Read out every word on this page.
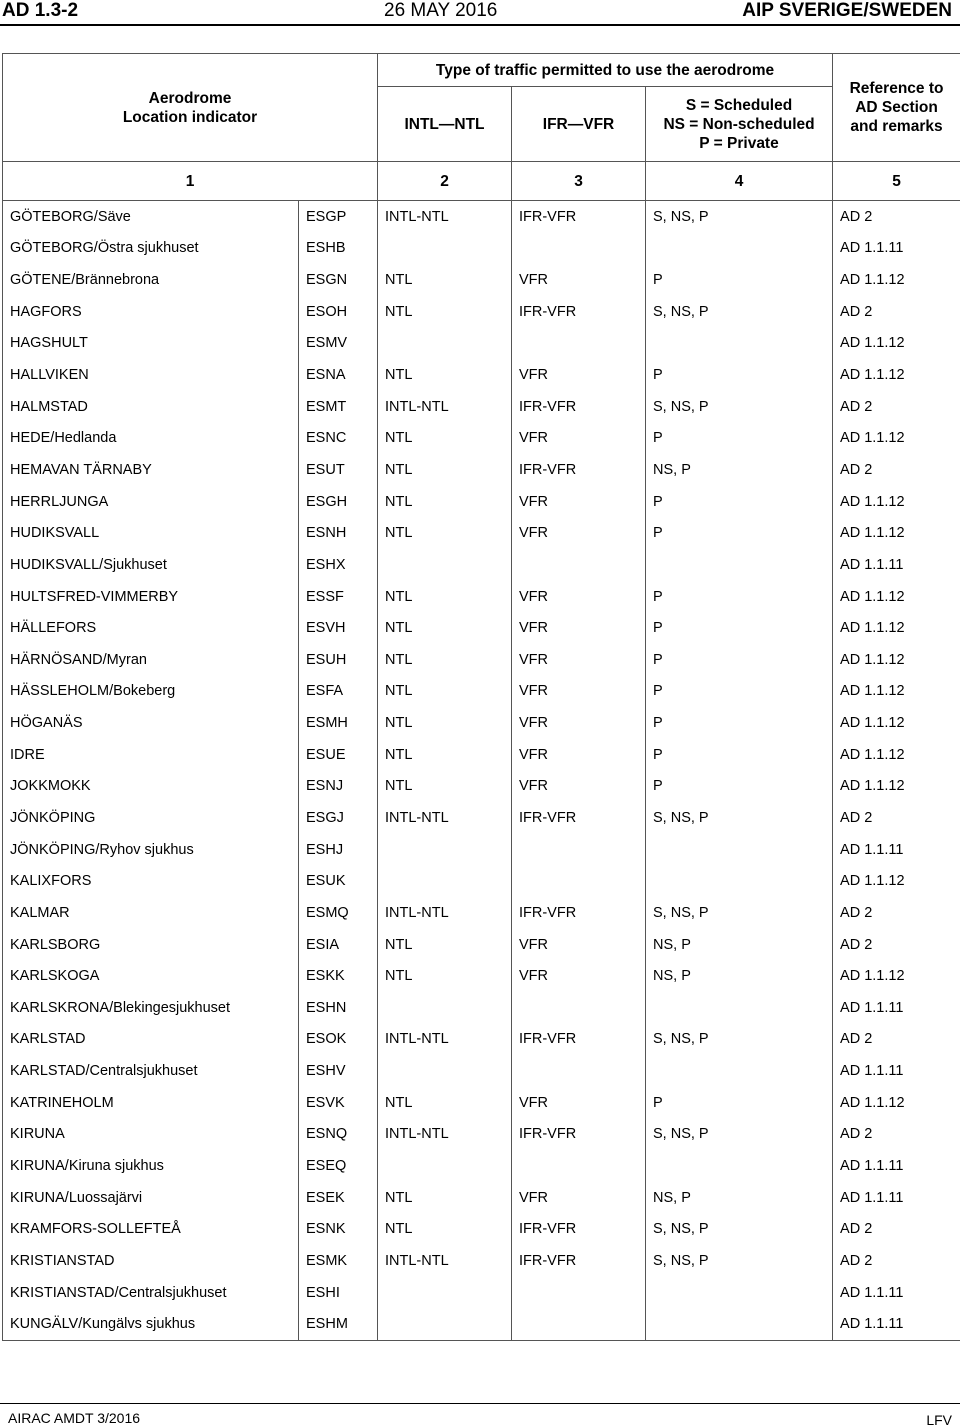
AD 1.3-2	26 MAY 2016	AIP SVERIGE/SWEDEN
Aerodrome
Location indicator		Type of traffic permitted to use the aerodrome			Reference to
AD Section
and remarks
		INTL—NTL	IFR—VFR	S = Scheduled
NS = Non-scheduled
P = Private	
1		2	3	4	5
GÖTEBORG/Säve	ESGP	INTL-NTL	IFR-VFR	S, NS, P	AD 2
GÖTEBORG/Östra sjukhuset	ESHB				AD 1.1.11
GÖTENE/Brännebrona	ESGN	NTL	VFR	P	AD 1.1.12
HAGFORS	ESOH	NTL	IFR-VFR	S, NS, P	AD 2
HAGSHULT	ESMV				AD 1.1.12
HALLVIKEN	ESNA	NTL	VFR	P	AD 1.1.12
HALMSTAD	ESMT	INTL-NTL	IFR-VFR	S, NS, P	AD 2
HEDE/Hedlanda	ESNC	NTL	VFR	P	AD 1.1.12
HEMAVAN TÄRNABY	ESUT	NTL	IFR-VFR	NS, P	AD 2
HERRLJUNGA	ESGH	NTL	VFR	P	AD 1.1.12
HUDIKSVALL	ESNH	NTL	VFR	P	AD 1.1.12
HUDIKSVALL/Sjukhuset	ESHX				AD 1.1.11
HULTSFRED-VIMMERBY	ESSF	NTL	VFR	P	AD 1.1.12
HÄLLEFORS	ESVH	NTL	VFR	P	AD 1.1.12
HÄRNÖSAND/Myran	ESUH	NTL	VFR	P	AD 1.1.12
HÄSSLEHOLM/Bokeberg	ESFA	NTL	VFR	P	AD 1.1.12
HÖGANÄS	ESMH	NTL	VFR	P	AD 1.1.12
IDRE	ESUE	NTL	VFR	P	AD 1.1.12
JOKKMOKK	ESNJ	NTL	VFR	P	AD 1.1.12
JÖNKÖPING	ESGJ	INTL-NTL	IFR-VFR	S, NS, P	AD 2
JÖNKÖPING/Ryhov sjukhus	ESHJ				AD 1.1.11
KALIXFORS	ESUK				AD 1.1.12
KALMAR	ESMQ	INTL-NTL	IFR-VFR	S, NS, P	AD 2
KARLSBORG	ESIA	NTL	VFR	NS, P	AD 2
KARLSKOGA	ESKK	NTL	VFR	NS, P	AD 1.1.12
KARLSKRONA/Blekingesjukhuset	ESHN				AD 1.1.11
KARLSTAD	ESOK	INTL-NTL	IFR-VFR	S, NS, P	AD 2
KARLSTAD/Centralsjukhuset	ESHV				AD 1.1.11
KATRINEHOLM	ESVK	NTL	VFR	P	AD 1.1.12
KIRUNA	ESNQ	INTL-NTL	IFR-VFR	S, NS, P	AD 2
KIRUNA/Kiruna sjukhus	ESEQ				AD 1.1.11
KIRUNA/Luossajärvi	ESEK	NTL	VFR	NS, P	AD 1.1.11
KRAMFORS-SOLLEFTEÅ	ESNK	NTL	IFR-VFR	S, NS, P	AD 2
KRISTIANSTAD	ESMK	INTL-NTL	IFR-VFR	S, NS, P	AD 2
KRISTIANSTAD/Centralsjukhuset	ESHI				AD 1.1.11
KUNGÄLV/Kungälvs sjukhus	ESHM				AD 1.1.11
AIRAC AMDT 3/2016	LFV
